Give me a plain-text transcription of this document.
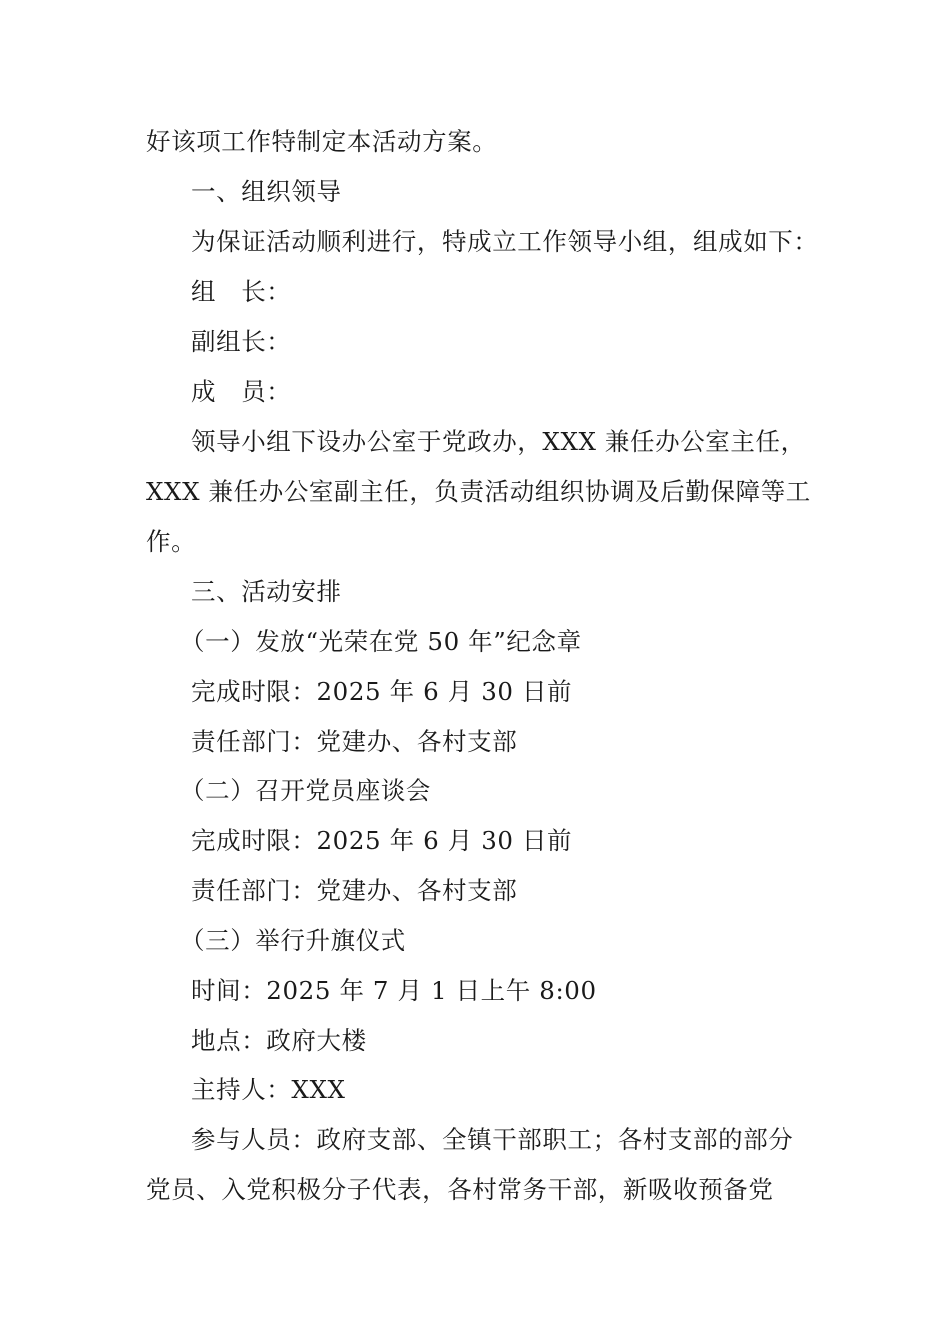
好该项工作特制定本活动方案。
一、组织领导
为保证活动顺利进行，特成立工作领导小组，组成如下：
组　长：
副组长：
成　员：
领导小组下设办公室于党政办，XXX 兼任办公室主任，
XXX 兼任办公室副主任，负责活动组织协调及后勤保障等工
作。
三、活动安排
（一）发放“光荣在党 50 年”纪念章
完成时限：2025 年 6 月 30 日前
责任部门：党建办、各村支部
（二）召开党员座谈会
完成时限：2025 年 6 月 30 日前
责任部门：党建办、各村支部
（三）举行升旗仪式
时间：2025 年 7 月 1 日上午 8:00
地点：政府大楼
主持人：XXX
参与人员：政府支部、全镇干部职工；各村支部的部分
党员、入党积极分子代表，各村常务干部，新吸收预备党
